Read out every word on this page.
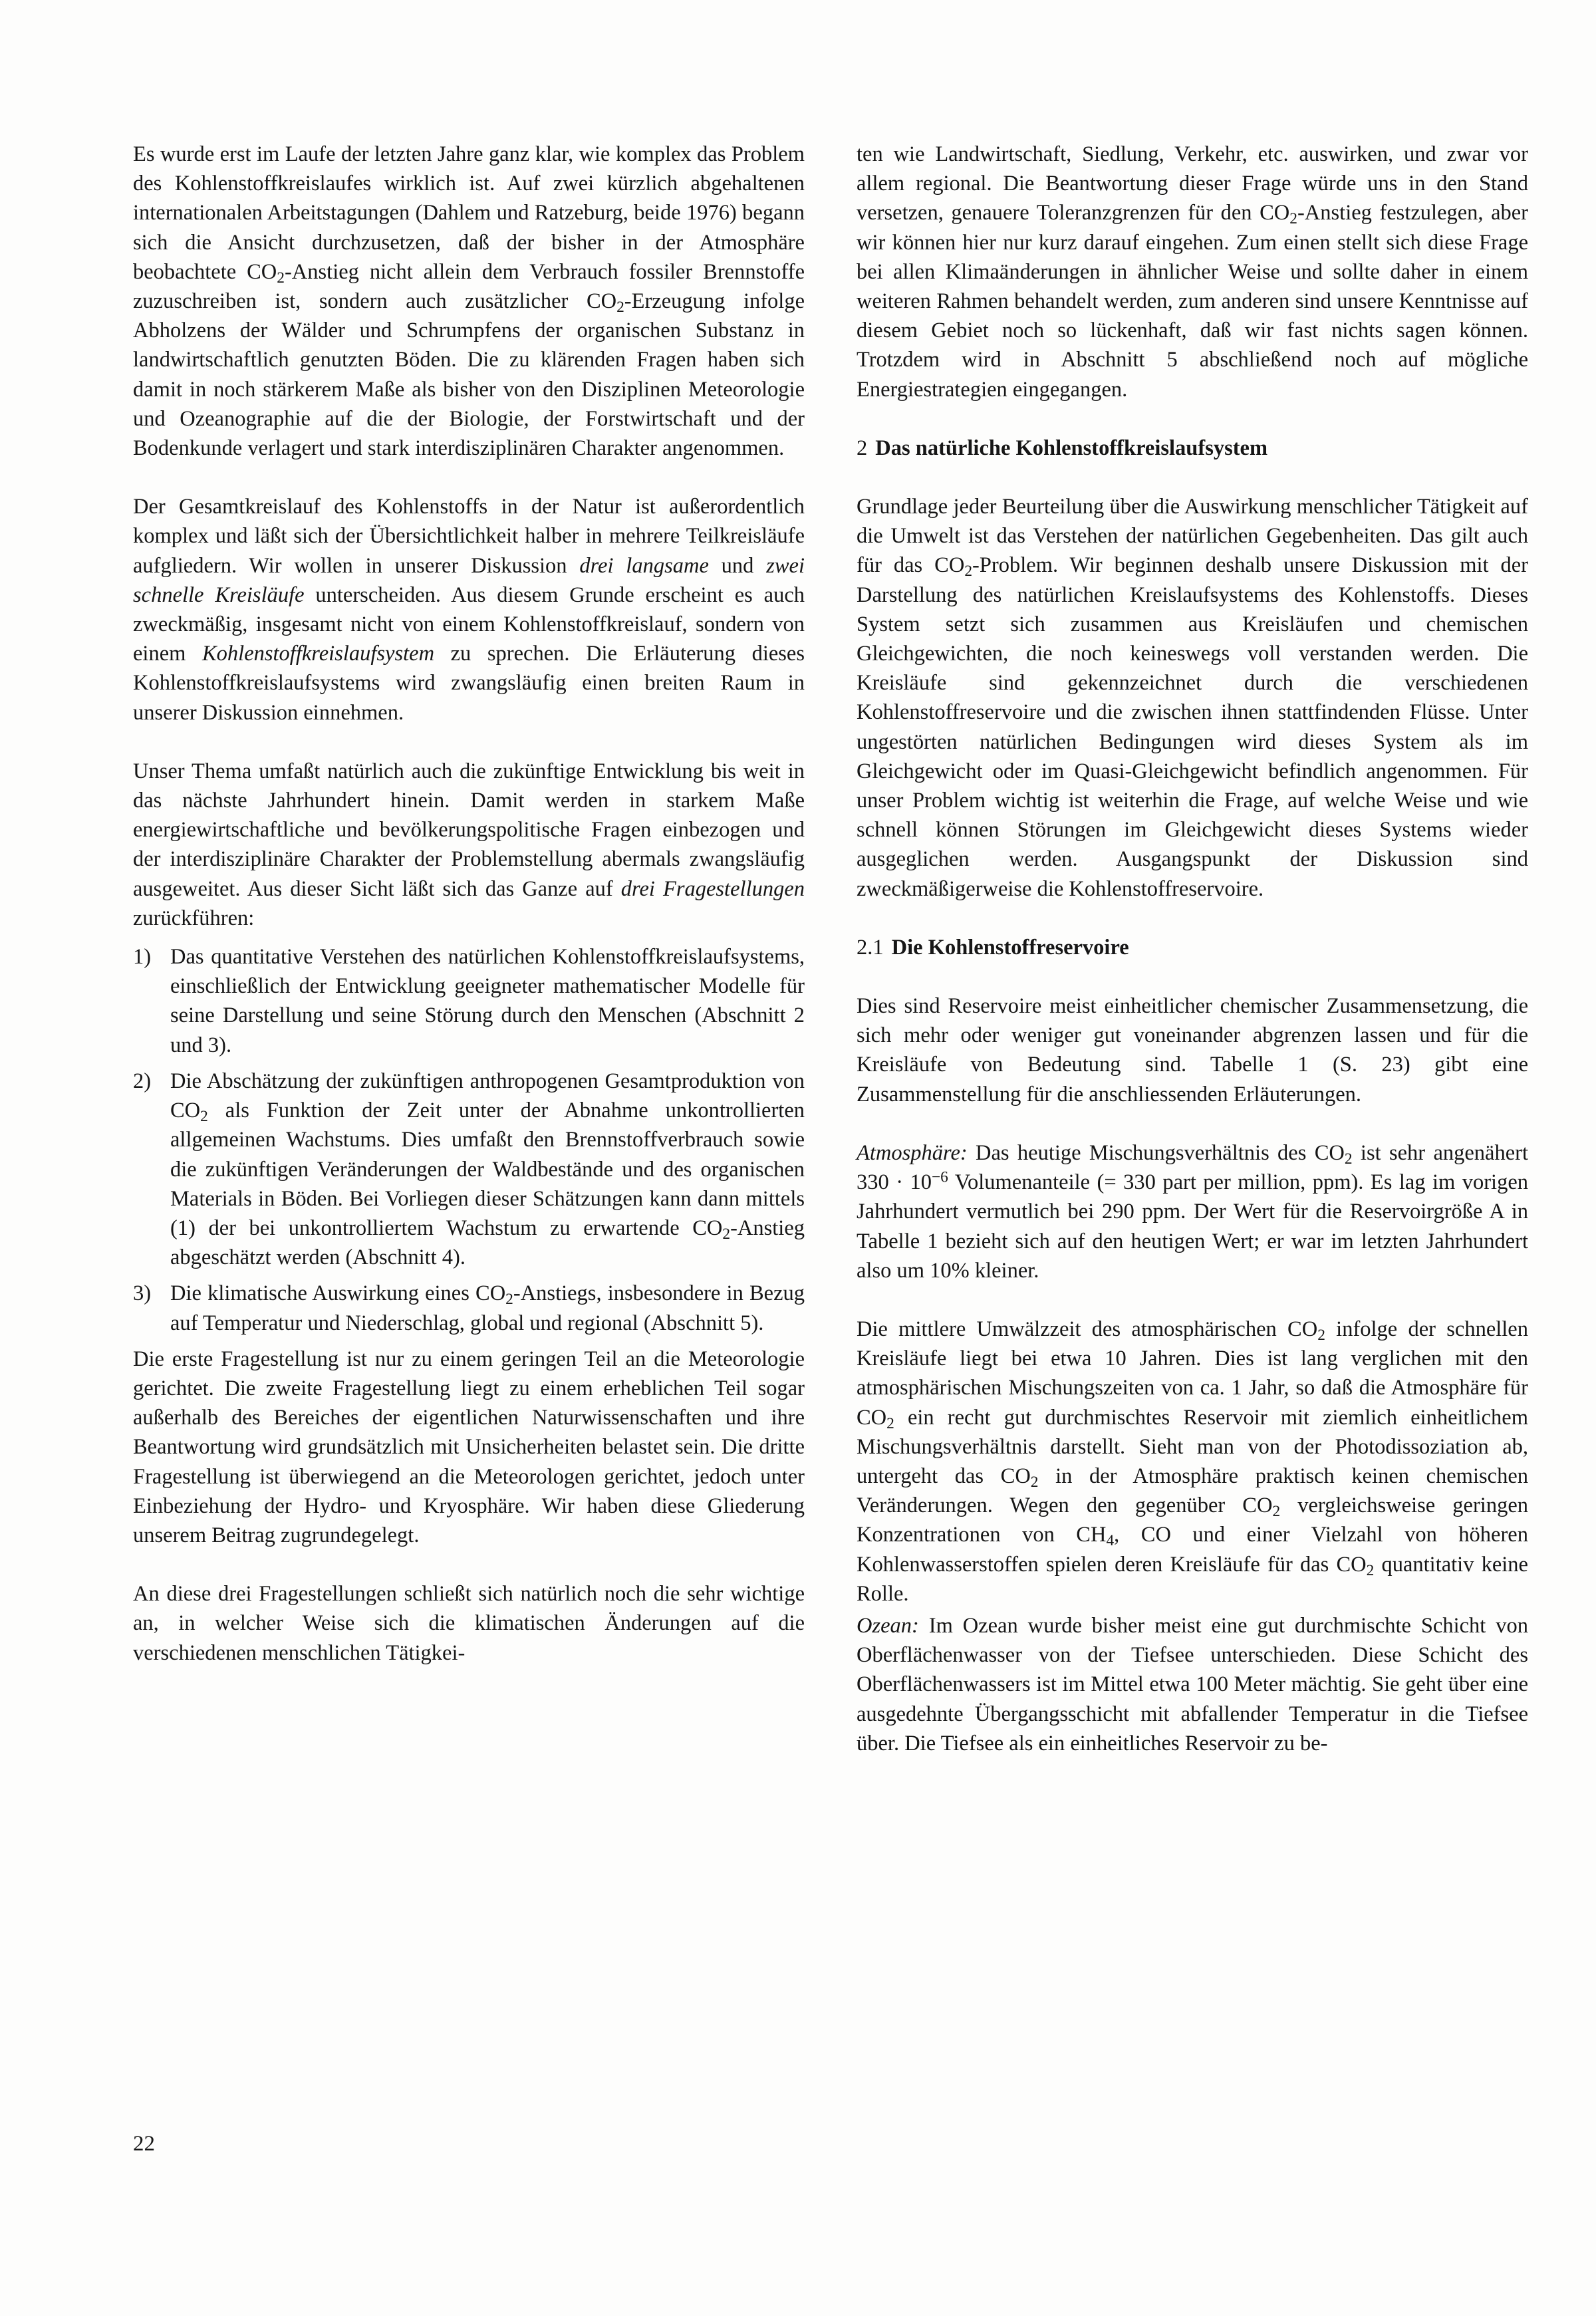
Es wurde erst im Laufe der letzten Jahre ganz klar, wie komplex das Problem des Kohlenstoffkreislaufes wirklich ist. Auf zwei kürzlich abgehaltenen internationalen Arbeitstagungen (Dahlem und Ratzeburg, beide 1976) begann sich die Ansicht durchzusetzen, daß der bisher in der Atmosphäre beobachtete $CO_2$-Anstieg nicht allein dem Verbrauch fossiler Brennstoffe zuzuschreiben ist, sondern auch zusätzlicher $CO_2$-Erzeugung infolge Abholzens der Wälder und Schrumpfens der organischen Substanz in landwirtschaftlich genutzten Böden. Die zu klärenden Fragen haben sich damit in noch stärkerem Maße als bisher von den Disziplinen Meteorologie und Ozeanographie auf die der Biologie, der Forstwirtschaft und der Bodenkunde verlagert und stark interdisziplinären Charakter angenommen.

Der Gesamtkreislauf des Kohlenstoffs in der Natur ist außerordentlich komplex und läßt sich der Übersichtlichkeit halber in mehrere Teilkreisläufe aufgliedern. Wir wollen in unserer Diskussion drei langsame und zwei schnelle Kreisläufe unterscheiden. Aus diesem Grunde erscheint es auch zweckmäßig, insgesamt nicht von einem Kohlenstoffkreislauf, sondern von einem Kohlenstoffkreislaufsystem zu sprechen. Die Erläuterung dieses Kohlenstoffkreislaufsystems wird zwangsläufig einen breiten Raum in unserer Diskussion einnehmen.

Unser Thema umfaßt natürlich auch die zukünftige Entwicklung bis weit in das nächste Jahrhundert hinein. Damit werden in starkem Maße energiewirtschaftliche und bevölkerungspolitische Fragen einbezogen und der interdisziplinäre Charakter der Problemstellung abermals zwangsläufig ausgeweitet. Aus dieser Sicht läßt sich das Ganze auf drei Fragestellungen zurückführen:

1) Das quantitative Verstehen des natürlichen Kohlenstoffkreislaufsystems, einschließlich der Entwicklung geeigneter mathematischer Modelle für seine Darstellung und seine Störung durch den Menschen (Abschnitt 2 und 3).
2) Die Abschätzung der zukünftigen anthropogenen Gesamtproduktion von $CO_2$ als Funktion der Zeit unter der Abnahme unkontrollierten allgemeinen Wachstums. Dies umfaßt den Brennstoffverbrauch sowie die zukünftigen Veränderungen der Waldbestände und des organischen Materials in Böden. Bei Vorliegen dieser Schätzungen kann dann mittels (1) der bei unkontrolliertem Wachstum zu erwartende $CO_2$-Anstieg abgeschätzt werden (Abschnitt 4).
3) Die klimatische Auswirkung eines $CO_2$-Anstiegs, insbesondere in Bezug auf Temperatur und Niederschlag, global und regional (Abschnitt 5).

Die erste Fragestellung ist nur zu einem geringen Teil an die Meteorologie gerichtet. Die zweite Fragestellung liegt zu einem erheblichen Teil sogar außerhalb des Bereiches der eigentlichen Naturwissenschaften und ihre Beantwortung wird grundsätzlich mit Unsicherheiten belastet sein. Die dritte Fragestellung ist überwiegend an die Meteorologen gerichtet, jedoch unter Einbeziehung der Hydro- und Kryosphäre. Wir haben diese Gliederung unserem Beitrag zugrundegelegt.

An diese drei Fragestellungen schließt sich natürlich noch die sehr wichtige an, in welcher Weise sich die klimatischen Änderungen auf die verschiedenen menschlichen Tätigkei-

ten wie Landwirtschaft, Siedlung, Verkehr, etc. auswirken, und zwar vor allem regional. Die Beantwortung dieser Frage würde uns in den Stand versetzen, genauere Toleranzgrenzen für den $CO_2$-Anstieg festzulegen, aber wir können hier nur kurz darauf eingehen. Zum einen stellt sich diese Frage bei allen Klimaänderungen in ähnlicher Weise und sollte daher in einem weiteren Rahmen behandelt werden, zum anderen sind unsere Kenntnisse auf diesem Gebiet noch so lückenhaft, daß wir fast nichts sagen können. Trotzdem wird in Abschnitt 5 abschließend noch auf mögliche Energiestrategien eingegangen.

2 Das natürliche Kohlenstoffkreislaufsystem

Grundlage jeder Beurteilung über die Auswirkung menschlicher Tätigkeit auf die Umwelt ist das Verstehen der natürlichen Gegebenheiten. Das gilt auch für das $CO_2$-Problem. Wir beginnen deshalb unsere Diskussion mit der Darstellung des natürlichen Kreislaufsystems des Kohlenstoffs. Dieses System setzt sich zusammen aus Kreisläufen und chemischen Gleichgewichten, die noch keineswegs voll verstanden werden. Die Kreisläufe sind gekennzeichnet durch die verschiedenen Kohlenstoffreservoire und die zwischen ihnen stattfindenden Flüsse. Unter ungestörten natürlichen Bedingungen wird dieses System als im Gleichgewicht oder im Quasi-Gleichgewicht befindlich angenommen. Für unser Problem wichtig ist weiterhin die Frage, auf welche Weise und wie schnell können Störungen im Gleichgewicht dieses Systems wieder ausgeglichen werden. Ausgangspunkt der Diskussion sind zweckmäßigerweise die Kohlenstoffreservoire.

2.1 Die Kohlenstoffreservoire

Dies sind Reservoire meist einheitlicher chemischer Zusammensetzung, die sich mehr oder weniger gut voneinander abgrenzen lassen und für die Kreisläufe von Bedeutung sind. Tabelle 1 (S. 23) gibt eine Zusammenstellung für die anschliessenden Erläuterungen.

Atmosphäre: Das heutige Mischungsverhältnis des $CO_2$ ist sehr angenähert $330 \cdot 10^{-6}$ Volumenanteile (= 330 part per million, ppm). Es lag im vorigen Jahrhundert vermutlich bei 290 ppm. Der Wert für die Reservoirgröße A in Tabelle 1 bezieht sich auf den heutigen Wert; er war im letzten Jahrhundert also um 10% kleiner.

Die mittlere Umwälzzeit des atmosphärischen $CO_2$ infolge der schnellen Kreisläufe liegt bei etwa 10 Jahren. Dies ist lang verglichen mit den atmosphärischen Mischungszeiten von ca. 1 Jahr, so daß die Atmosphäre für $CO_2$ ein recht gut durchmischtes Reservoir mit ziemlich einheitlichem Mischungsverhältnis darstellt. Sieht man von der Photodissoziation ab, untergeht das $CO_2$ in der Atmosphäre praktisch keinen chemischen Veränderungen. Wegen den gegenüber $CO_2$ vergleichsweise geringen Konzentrationen von $CH_4$, CO und einer Vielzahl von höheren Kohlenwasserstoffen spielen deren Kreisläufe für das $CO_2$ quantitativ keine Rolle.

Ozean: Im Ozean wurde bisher meist eine gut durchmischte Schicht von Oberflächenwasser von der Tiefsee unterschieden. Diese Schicht des Oberflächenwassers ist im Mittel etwa 100 Meter mächtig. Sie geht über eine ausgedehnte Übergangsschicht mit abfallender Temperatur in die Tiefsee über. Die Tiefsee als ein einheitliches Reservoir zu be-

22
